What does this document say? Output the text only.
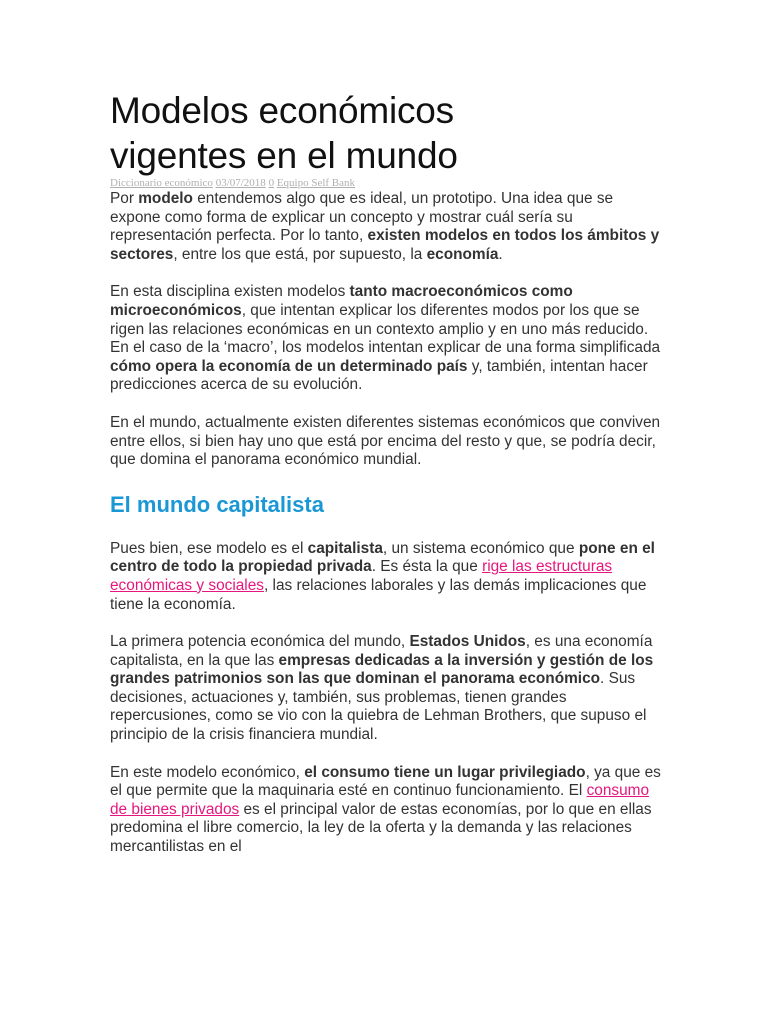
Modelos económicos
vigentes en el mundo
Diccionario económico 03/07/2018 0 Equipo Self Bank

Por modelo entendemos algo que es ideal, un prototipo. Una idea que se expone como forma de explicar un concepto y mostrar cuál sería su representación perfecta. Por lo tanto, existen modelos en todos los ámbitos y sectores, entre los que está, por supuesto, la economía.

En esta disciplina existen modelos tanto macroeconómicos como microeconómicos, que intentan explicar los diferentes modos por los que se rigen las relaciones económicas en un contexto amplio y en uno más reducido. En el caso de la ‘macro’, los modelos intentan explicar de una forma simplificada cómo opera la economía de un determinado país y, también, intentan hacer predicciones acerca de su evolución.

En el mundo, actualmente existen diferentes sistemas económicos que conviven entre ellos, si bien hay uno que está por encima del resto y que, se podría decir, que domina el panorama económico mundial.

El mundo capitalista

Pues bien, ese modelo es el capitalista, un sistema económico que pone en el centro de todo la propiedad privada. Es ésta la que rige las estructuras económicas y sociales, las relaciones laborales y las demás implicaciones que tiene la economía.

La primera potencia económica del mundo, Estados Unidos, es una economía capitalista, en la que las empresas dedicadas a la inversión y gestión de los grandes patrimonios son las que dominan el panorama económico. Sus decisiones, actuaciones y, también, sus problemas, tienen grandes repercusiones, como se vio con la quiebra de Lehman Brothers, que supuso el principio de la crisis financiera mundial.

En este modelo económico, el consumo tiene un lugar privilegiado, ya que es el que permite que la maquinaria esté en continuo funcionamiento. El consumo de bienes privados es el principal valor de estas economías, por lo que en ellas predomina el libre comercio, la ley de la oferta y la demanda y las relaciones mercantilistas en el
